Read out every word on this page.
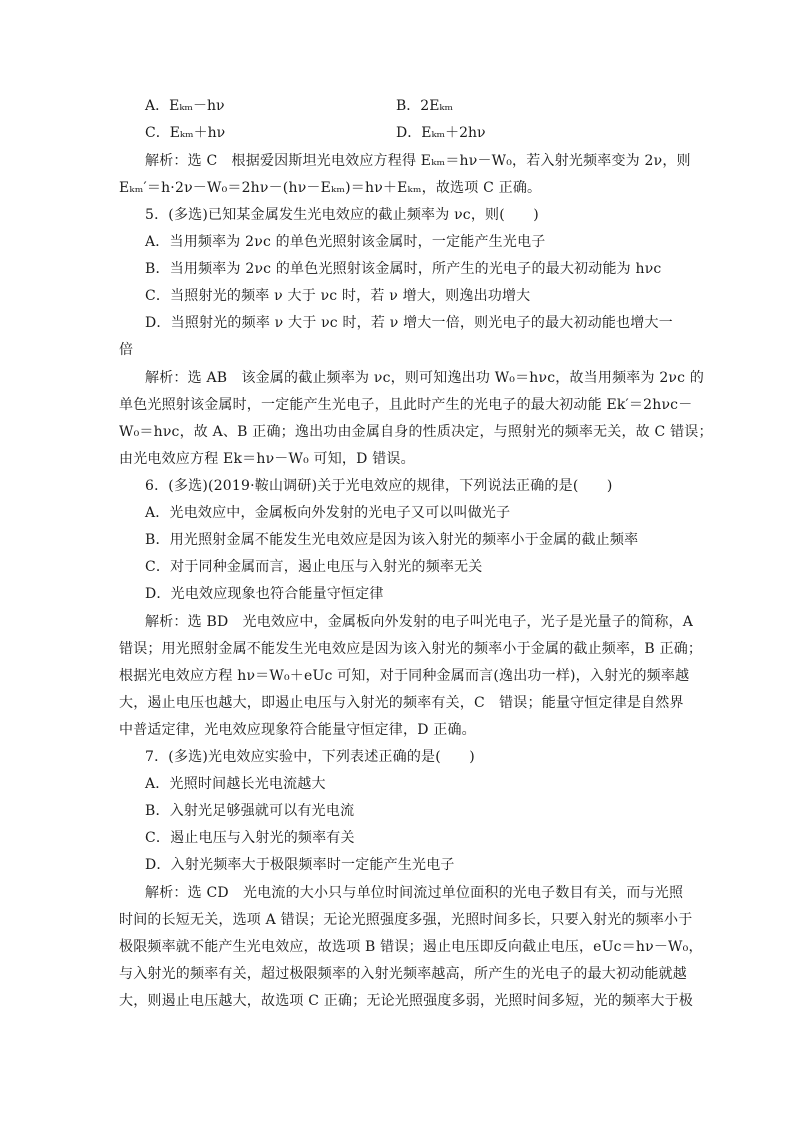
A．Eₖₘ－hν	B．2Eₖₘ
C．Eₖₘ＋hν	D．Eₖₘ＋2hν
解析：选 C　根据爱因斯坦光电效应方程得 Eₖₘ＝hν－W₀，若入射光频率变为 2ν，则
Eₖₘ′＝h·2ν－W₀＝2hν－(hν－Eₖₘ)＝hν＋Eₖₘ，故选项 C 正确。
5．(多选)已知某金属发生光电效应的截止频率为 νc，则(　　)
A．当用频率为 2νc 的单色光照射该金属时，一定能产生光电子
B．当用频率为 2νc 的单色光照射该金属时，所产生的光电子的最大初动能为 hνc
C．当照射光的频率 ν 大于 νc 时，若 ν 增大，则逸出功增大
D．当照射光的频率 ν 大于 νc 时，若 ν 增大一倍，则光电子的最大初动能也增大一
倍
解析：选 AB　该金属的截止频率为 νc，则可知逸出功 W₀＝hνc，故当用频率为 2νc 的
单色光照射该金属时，一定能产生光电子，且此时产生的光电子的最大初动能 Ek′＝2hνc－
W₀＝hνc，故 A、B 正确；逸出功由金属自身的性质决定，与照射光的频率无关，故 C 错误；
由光电效应方程 Ek＝hν－W₀ 可知，D 错误。
6．(多选)(2019·鞍山调研)关于光电效应的规律，下列说法正确的是(　　)
A．光电效应中，金属板向外发射的光电子又可以叫做光子
B．用光照射金属不能发生光电效应是因为该入射光的频率小于金属的截止频率
C．对于同种金属而言，遏止电压与入射光的频率无关
D．光电效应现象也符合能量守恒定律
解析：选 BD　光电效应中，金属板向外发射的电子叫光电子，光子是光量子的简称，A
错误；用光照射金属不能发生光电效应是因为该入射光的频率小于金属的截止频率，B 正确；
根据光电效应方程 hν＝W₀＋eUc 可知，对于同种金属而言(逸出功一样)，入射光的频率越
大，遏止电压也越大，即遏止电压与入射光的频率有关，C　错误；能量守恒定律是自然界
中普适定律，光电效应现象符合能量守恒定律，D 正确。
7．(多选)光电效应实验中，下列表述正确的是(　　)
A．光照时间越长光电流越大
B．入射光足够强就可以有光电流
C．遏止电压与入射光的频率有关
D．入射光频率大于极限频率时一定能产生光电子
解析：选 CD　光电流的大小只与单位时间流过单位面积的光电子数目有关，而与光照
时间的长短无关，选项 A 错误；无论光照强度多强，光照时间多长，只要入射光的频率小于
极限频率就不能产生光电效应，故选项 B 错误；遏止电压即反向截止电压，eUc＝hν－W₀，
与入射光的频率有关，超过极限频率的入射光频率越高，所产生的光电子的最大初动能就越
大，则遏止电压越大，故选项 C 正确；无论光照强度多弱，光照时间多短，光的频率大于极
